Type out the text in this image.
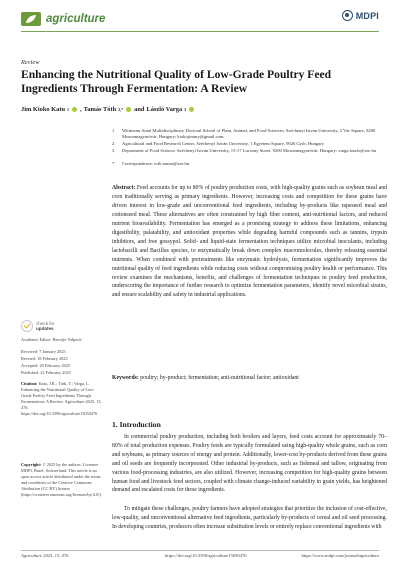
agriculture	MDPI
Review
Enhancing the Nutritional Quality of Low-Grade Poultry Feed Ingredients Through Fermentation: A Review
Jim Kioko Katu 1 , Tamás Tóth 2,* and László Varga 3
1	Wittmann Antal Multidisciplinary Doctoral School of Plant, Animal, and Food Sciences, Széchenyi István University, 2 Vár Square, 9200 Mosonmagyaróvár, Hungary; kiokojimmy@gmail.com
2	Agricultural and Food Research Center, Széchenyi István University, 1 Egyetem Square, 9026 Győr, Hungary
3	Department of Food Science, Széchenyi István University, 15-17 Lucsony Street, 9200 Mosonmagyaróvár, Hungary; varga.laszlo@sze.hu
*	Correspondence: toth.tamas@sze.hu
Abstract: Feed accounts for up to 80% of poultry production costs, with high-quality grains such as soybean meal and corn traditionally serving as primary ingredients. However, increasing costs and competition for these grains have driven interest in low-grade and unconventional feed ingredients, including by-products like rapeseed meal and cottonseed meal. These alternatives are often constrained by high fiber content, anti-nutritional factors, and reduced nutrient bioavailability. Fermentation has emerged as a promising strategy to address these limitations, enhancing digestibility, palatability, and antioxidant properties while degrading harmful compounds such as tannins, trypsin inhibitors, and free gossypol. Solid- and liquid-state fermentation techniques utilize microbial inoculants, including lactobacilli and Bacillus species, to enzymatically break down complex macromolecules, thereby releasing essential nutrients. When combined with pretreatments like enzymatic hydrolysis, fermentation significantly improves the nutritional quality of feed ingredients while reducing costs without compromising poultry health or performance. This review examines the mechanisms, benefits, and challenges of fermentation techniques in poultry feed production, underscoring the importance of further research to optimize fermentation parameters, identify novel microbial strains, and ensure scalability and safety in industrial applications.
Keywords: poultry; by-product; fermentation; anti-nutritional factor; antioxidant
1. Introduction
In commercial poultry production, including both broilers and layers, feed costs account for approximately 70–80% of total production expenses. Poultry feeds are typically formulated using high-quality whole grains, such as corn and soybeans, as primary sources of energy and protein. Additionally, lower-cost by-products derived from these grains and oil seeds are frequently incorporated. Other industrial by-products, such as fishmeal and tallow, originating from various food-processing industries, are also utilized. However, increasing competition for high-quality grains between human food and livestock feed sectors, coupled with climate change-induced variability in grain yields, has heightened demand and escalated costs for these ingredients.
To mitigate these challenges, poultry farmers have adopted strategies that prioritize the inclusion of cost-effective, low-quality, and unconventional alternative feed ingredients, particularly by-products of cereal and oil seed processing. In developing countries, producers often increase substitution levels or entirely replace conventional ingredients with
check for
updates
Academic Editor: Hervóje Valpotić
Received: 7 January 2025
Revised: 18 February 2025
Accepted: 20 February 2025
Published: 22 February 2025
Citation: Katu, J.K.; Tóth, T.; Varga, L. Enhancing the Nutritional Quality of Low-Grade Poultry Feed Ingredients Through Fermentation: A Review. Agriculture 2025, 15, 476. https://doi.org/10.3390/agriculture15050476
Copyright: © 2025 by the authors. Licensee MDPI, Basel, Switzerland. This article is an open access article distributed under the terms and conditions of the Creative Commons Attribution (CC BY) license (https://creativecommons.org/licenses/by/4.0/).
Agriculture 2025, 15, 476	https://doi.org/10.3390/agriculture15050476	https://www.mdpi.com/journal/agriculture
